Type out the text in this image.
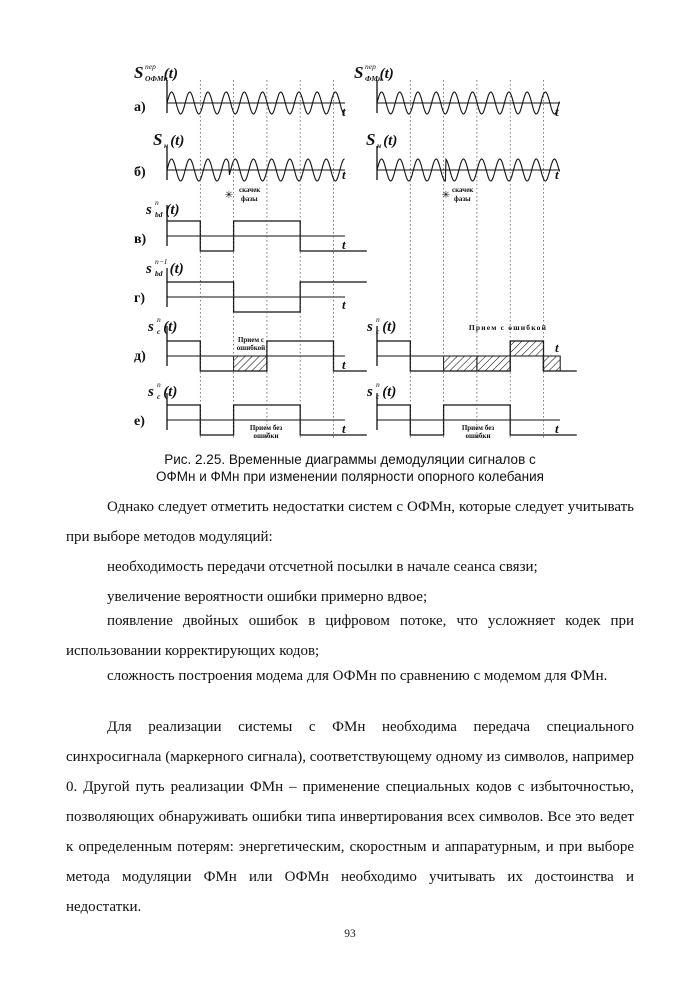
а)
б)
в)
г)
д)
е)
S пер
ОФМн
(t)	S пер
ФМн
(t)
t	t
S н (t)	S н (t)
t	t
s n
bd (t)
t
s n−1
bd (t)
t
s n
c (t)
t
s n
c (t)
t
s n
c (t)
t
s n
c (t)
t
✳ скачек
фазы	✳ скачек
фазы
Прием с
ошибкой
Прием с ошибкой
Прием без
ошибки
Прием без
ошибки
Рис. 2.25. Временные диаграммы демодуляции сигналов с
ОФМн и ФМн при изменении полярности опорного колебания

Однако следует отметить недостатки систем с ОФМн, которые следует учитывать при выборе методов модуляций:

необходимость передачи отсчетной посылки в начале сеанса связи;

увеличение вероятности ошибки примерно вдвое;

появление двойных ошибок в цифровом потоке, что усложняет кодек при использовании корректирующих кодов;

сложность построения модема для ОФМн по сравнению с модемом для ФМн.

Для реализации системы с ФМн необходима передача специального синхросигнала (маркерного сигнала), соответствующему одному из символов, например 0. Другой путь реализации ФМн – применение специальных кодов с избыточностью, позволяющих обнаруживать ошибки типа инвертирования всех символов. Все это ведет к определенным потерям: энергетическим, скоростным и аппаратурным, и при выборе метода модуляции ФМн или ОФМн необходимо учитывать их достоинства и недостатки.

93
